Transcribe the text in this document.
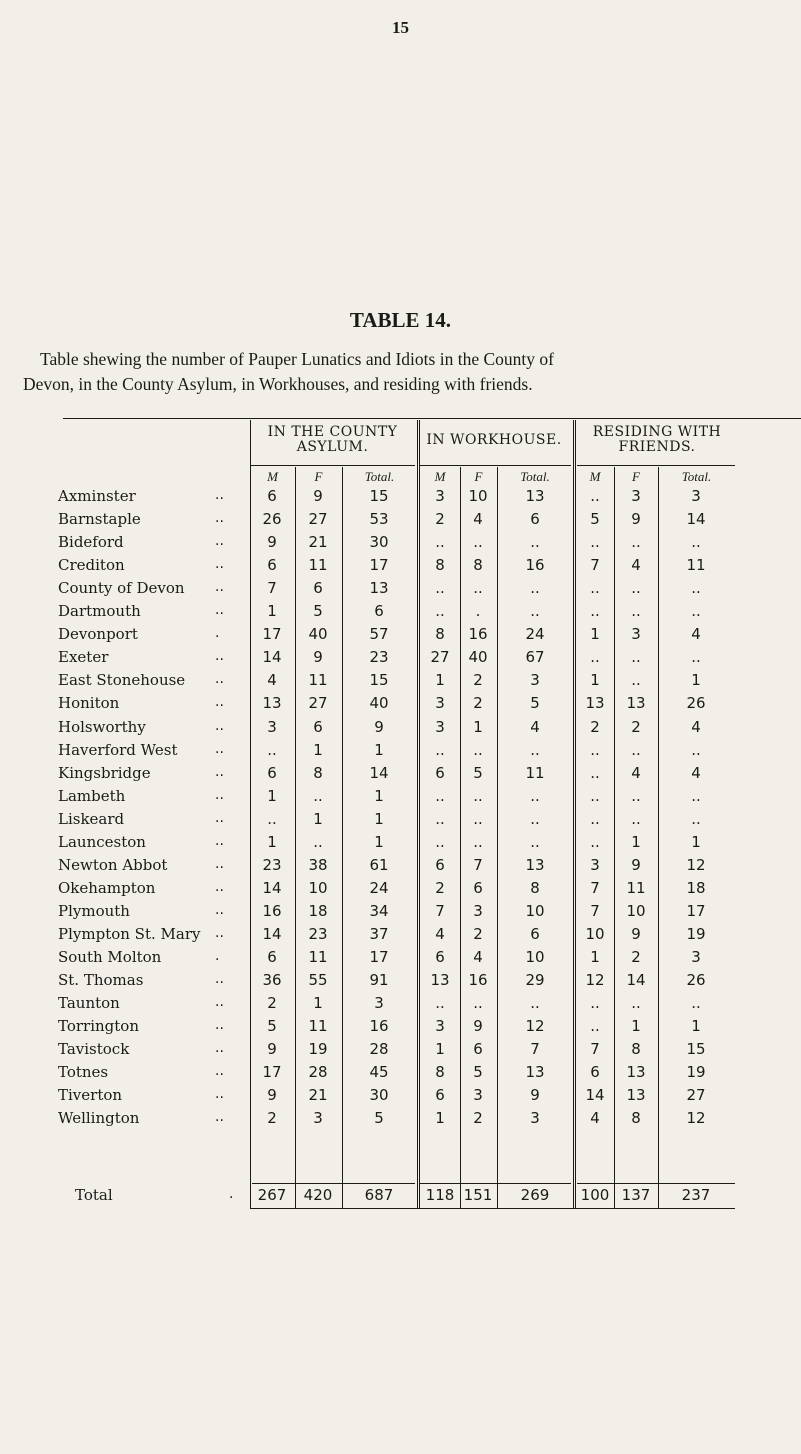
15
TABLE 14.
Table shewing the number of Pauper Lunatics and Idiots in the County of
Devon, in the County Asylum, in Workhouses, and residing with friends.
IN THE COUNTY
ASYLUM.	IN WORKHOUSE.	RESIDING WITH
FRIENDS.
M	F	Total.	M	F	Total.	M	F	Total.
Axminster	..	6	9	15	3	10	13	..	3	3
Barnstaple	..	26	27	53	2	4	6	5	9	14
Bideford	..	9	21	30	..	..	..	..	..	..
Crediton	..	6	11	17	8	8	16	7	4	11
County of Devon ..	7	6	13	..	..	..	..	..	..
Dartmouth	..	1	5	6	..	.	..	..	..	..
Devonport	.	17	40	57	8	16	24	1	3	4
Exeter	..	14	9	23	27	40	67	..	..	..
East Stonehouse ..	4	11	15	1	2	3	1	..	1
Honiton	..	13	27	40	3	2	5	13	13	26
Holsworthy	..	3	6	9	3	1	4	2	2	4
Haverford West	..	..	1	1	..	..	..	..	..	..
Kingsbridge	..	6	8	14	6	5	11	..	4	4
Lambeth	..	1	..	1	..	..	..	..	..	..
Liskeard	..	..	1	1	..	..	..	..	..	..
Launceston	..	1	..	1	..	..	..	..	1	1
Newton Abbot	..	23	38	61	6	7	13	3	9	12
Okehampton	..	14	10	24	2	6	8	7	11	18
Plymouth	..	16	18	34	7	3	10	7	10	17
Plympton St. Mary ..	14	23	37	4	2	6	10	9	19
South Molton	.	6	11	17	6	4	10	1	2	3
St. Thomas	..	36	55	91	13	16	29	12	14	26
Taunton	..	2	1	3	..	..	..	..	..	..
Torrington	..	5	11	16	3	9	12	..	1	1
Tavistock	..	9	19	28	1	6	7	7	8	15
Totnes	..	17	28	45	8	5	13	6	13	19
Tiverton	..	9	21	30	6	3	9	14	13	27
Wellington	..	2	3	5	1	2	3	4	8	12
Total	.	267	420	687	118 151	269	100 137	237
